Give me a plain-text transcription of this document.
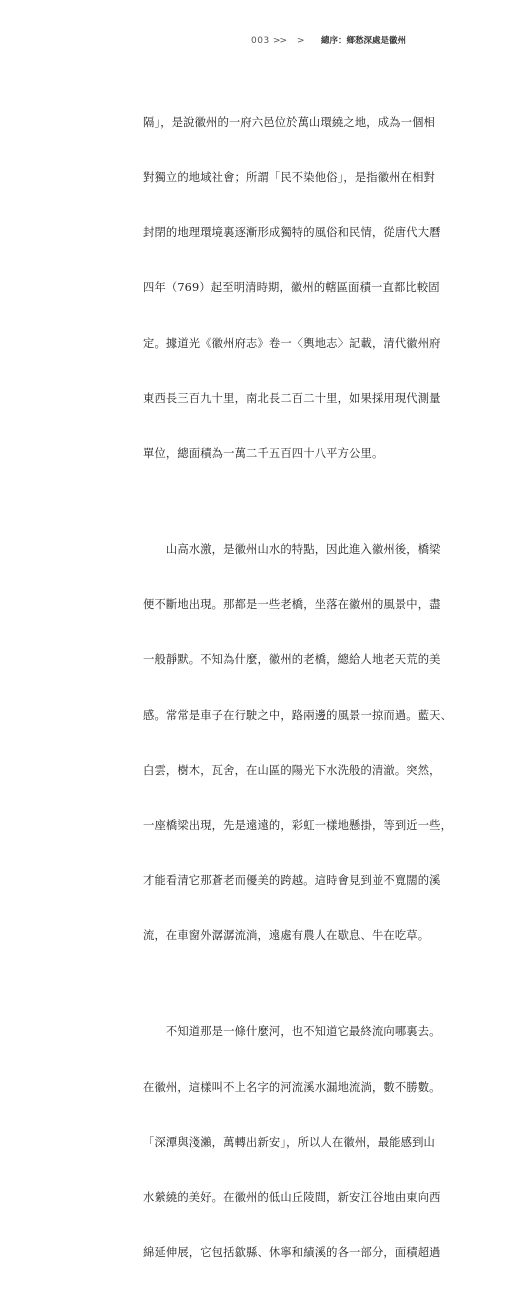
003 >> > 總序：鄉愁深處是徽州

隔」，是說徽州的一府六邑位於萬山環繞之地，成為一個相

對獨立的地域社會；所謂「民不染他俗」，是指徽州在相對

封閉的地理環境裏逐漸形成獨特的風俗和民情，從唐代大曆

四年（769）起至明清時期，徽州的轄區面積一直都比較固

定。據道光《徽州府志》卷一〈輿地志〉記載，清代徽州府

東西長三百九十里，南北長二百二十里，如果採用現代測量

單位，總面積為一萬二千五百四十八平方公里。

　　山高水激，是徽州山水的特點，因此進入徽州後，橋梁

便不斷地出現。那都是一些老橋，坐落在徽州的風景中，盡

一般靜默。不知為什麼，徽州的老橋，總給人地老天荒的美

感。常常是車子在行駛之中，路兩邊的風景一掠而過。藍天、

白雲，樹木，瓦舍，在山區的陽光下水洗般的清澈。突然，

一座橋梁出現，先是遠遠的，彩虹一樣地懸掛，等到近一些，

才能看清它那蒼老而優美的跨越。這時會見到並不寬闊的溪

流，在車窗外潺潺流淌，遠處有農人在歇息、牛在吃草。

　　不知道那是一條什麼河，也不知道它最終流向哪裏去。

在徽州，這樣叫不上名字的河流溪水漏地流淌，數不勝數。

「深潭與淺瀨，萬轉出新安」，所以人在徽州，最能感到山

水縈繞的美好。在徽州的低山丘陵間，新安江谷地由東向西

綿延伸展，它包括歙縣、休寧和績溪的各一部分，面積超過
